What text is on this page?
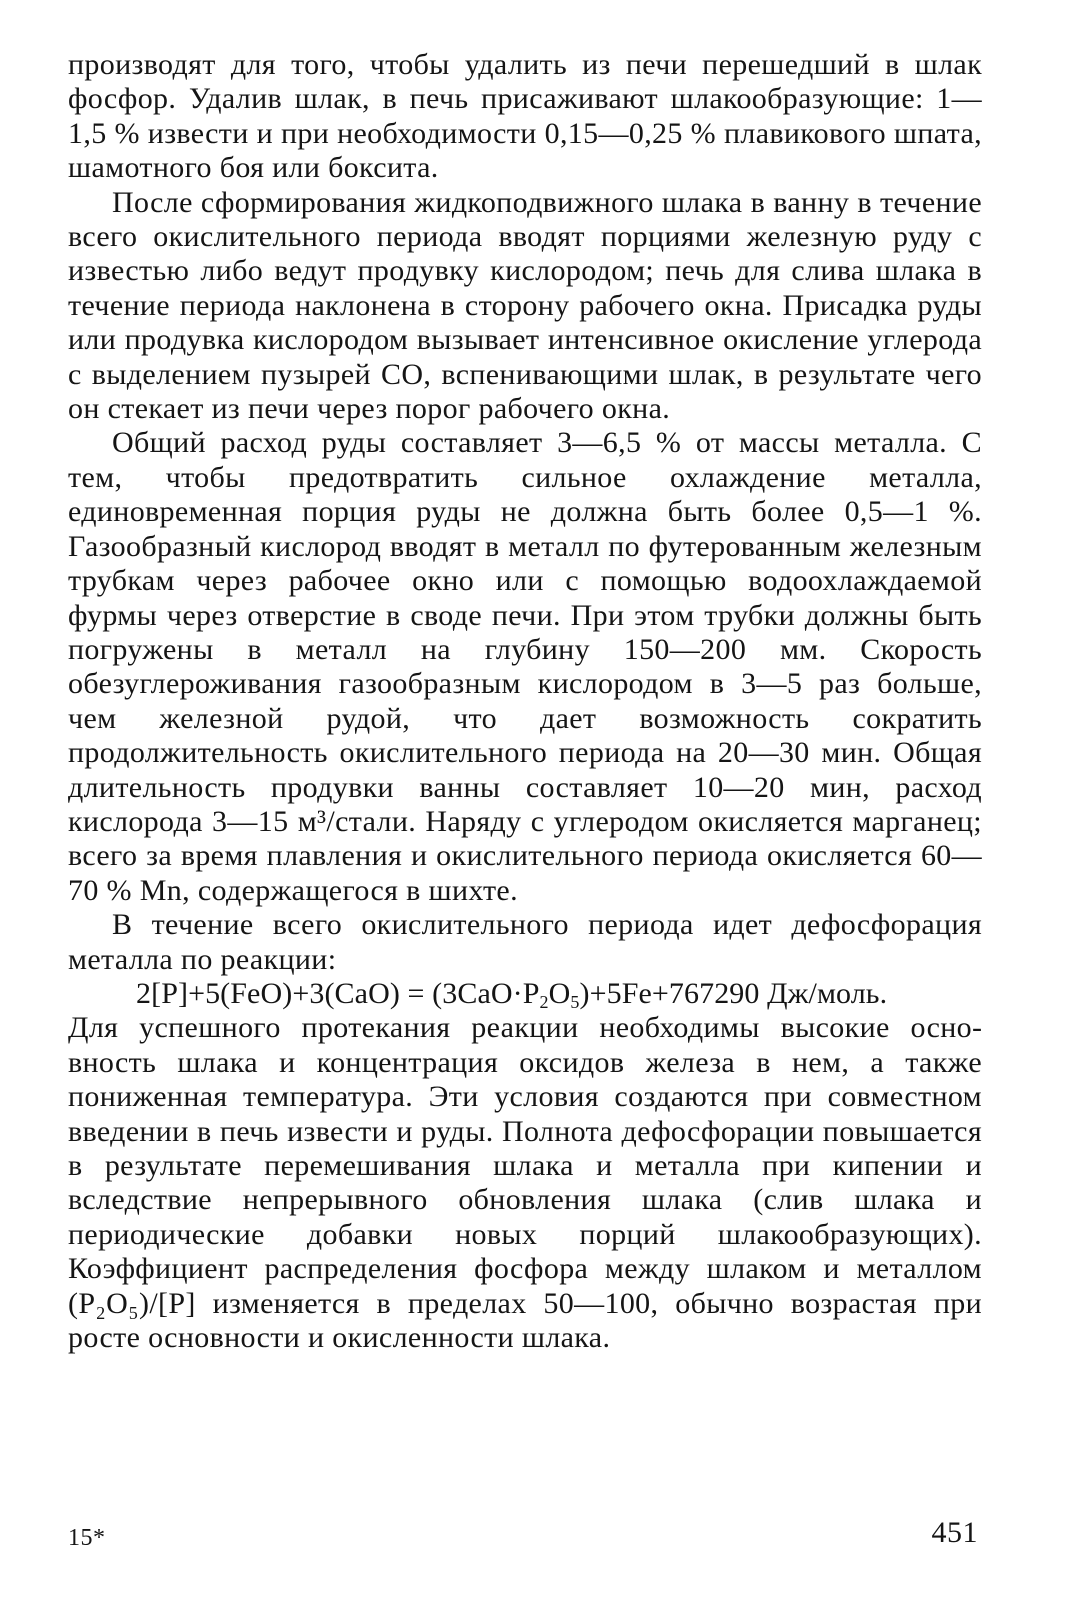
производят для того, чтобы удалить из печи перешедший в шлак фосфор. Удалив шлак, в печь присаживают шлакообразующие: 1—1,5 % извести и при необходимости 0,15—0,25 % плавикового шпата, шамотного боя или боксита.

После сформирования жидкоподвижного шлака в ванну в течение всего окислительного периода вводят порциями железную руду с известью либо ведут продувку кислородом; печь для слива шлака в течение периода наклонена в сторону рабочего окна. Присадка руды или продувка кислородом вызывает интенсивное окисление углерода с выделением пузырей CO, вспенивающими шлак, в результате чего он стекает из печи через порог рабочего окна.

Общий расход руды составляет 3—6,5 % от массы металла. С тем, чтобы предотвратить сильное охлаждение металла, единовременная порция руды не должна быть более 0,5—1 %. Газообразный кислород вводят в металл по футерованным железным трубкам через рабочее окно или с помощью водоохлаждаемой фурмы через отверстие в своде печи. При этом трубки должны быть погружены в металл на глубину 150—200 мм. Скорость обезуглероживания газообразным кислородом в 3—5 раз больше, чем железной рудой, что дает возможность сократить продолжительность окислительного периода на 20—30 мин. Общая длительность продувки ванны составляет 10—20 мин, расход кислорода 3—15 м³/стали. Наряду с углеродом окисляется марганец; всего за время плавления и окислительного периода окисляется 60—70 % Mn, содержащегося в шихте.

В течение всего окислительного периода идет дефосфорация металла по реакции:

$2[P]+5(FeO)+3(CaO) = (3CaO\cdot P_2O_5)+5Fe+767290$ Дж/моль.

Для успешного протекания реакции необходимы высокие основность шлака и концентрация оксидов железа в нем, а также пониженная температура. Эти условия создаются при совместном введении в печь извести и руды. Полнота дефосфорации повышается в результате перемешивания шлака и металла при кипении и вследствие непрерывного обновления шлака (слив шлака и периодические добавки новых порций шлакообразующих). Коэффициент распределения фосфора между шлаком и металлом (P₂O₅)/[P] изменяется в пределах 50—100, обычно возрастая при росте основности и окисленности шлака.

15*	451
